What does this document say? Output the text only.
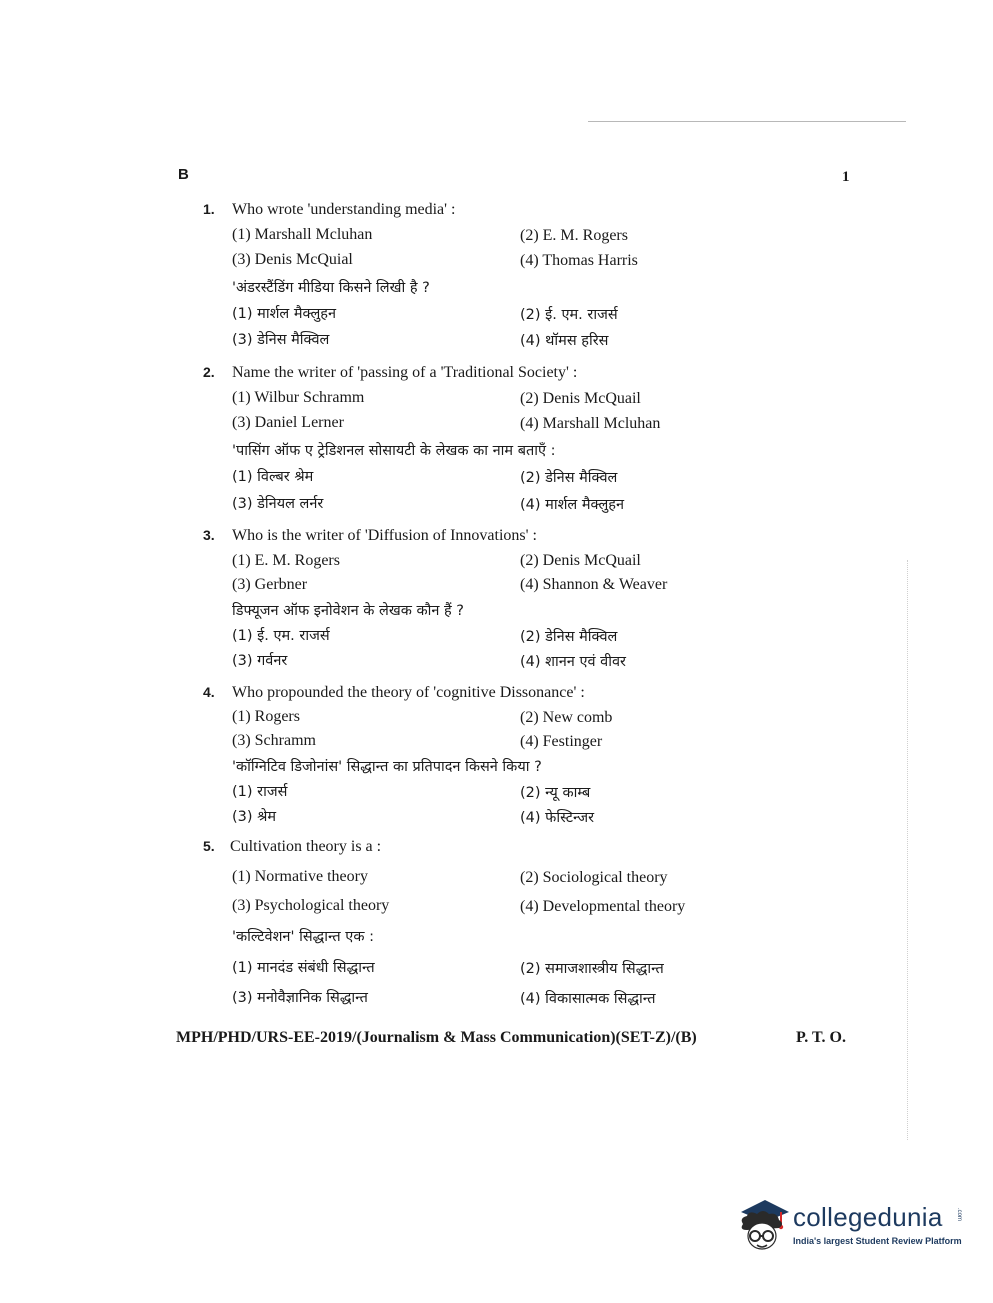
B	1
1. Who wrote 'understanding media' :
(1) Marshall Mcluhan	(2) E. M. Rogers
(3) Denis McQuial	(4) Thomas Harris
'अंडरस्टैंडिंग मीडिया किसने लिखी है ?
(1) मार्शल मैक्लुहन	(2) ई. एम. राजर्स
(3) डेनिस मैक्विल	(4) थॉमस हरिस
2. Name the writer of 'passing of a 'Traditional Society' :
(1) Wilbur Schramm	(2) Denis McQuail
(3) Daniel Lerner	(4) Marshall Mcluhan
'पासिंग ऑफ ए ट्रेडिशनल सोसायटी के लेखक का नाम बताएँ :
(1) विल्बर श्रेम	(2) डेनिस मैक्विल
(3) डेनियल लर्नर	(4) मार्शल मैक्लुहन
3. Who is the writer of 'Diffusion of Innovations' :
(1) E. M. Rogers	(2) Denis McQuail
(3) Gerbner	(4) Shannon & Weaver
डिफ्यूजन ऑफ इनोवेशन के लेखक कौन हैं ?
(1) ई. एम. राजर्स	(2) डेनिस मैक्विल
(3) गर्वनर	(4) शानन एवं वीवर
4. Who propounded the theory of 'cognitive Dissonance' :
(1) Rogers	(2) New comb
(3) Schramm	(4) Festinger
'कॉग्निटिव डिजोनांस' सिद्धान्त का प्रतिपादन किसने किया ?
(1) राजर्स	(2) न्यू काम्ब
(3) श्रेम	(4) फेस्टिन्जर
5. Cultivation theory is a :
(1) Normative theory	(2) Sociological theory
(3) Psychological theory	(4) Developmental theory
'कल्टिवेशन' सिद्धान्त एक :
(1) मानदंड संबंधी सिद्धान्त	(2) समाजशास्त्रीय सिद्धान्त
(3) मनोवैज्ञानिक सिद्धान्त	(4) विकासात्मक सिद्धान्त
MPH/PHD/URS-EE-2019/(Journalism & Mass Communication)(SET-Z)/(B)	P. T. O.
collegedunia .com
India's largest Student Review Platform
